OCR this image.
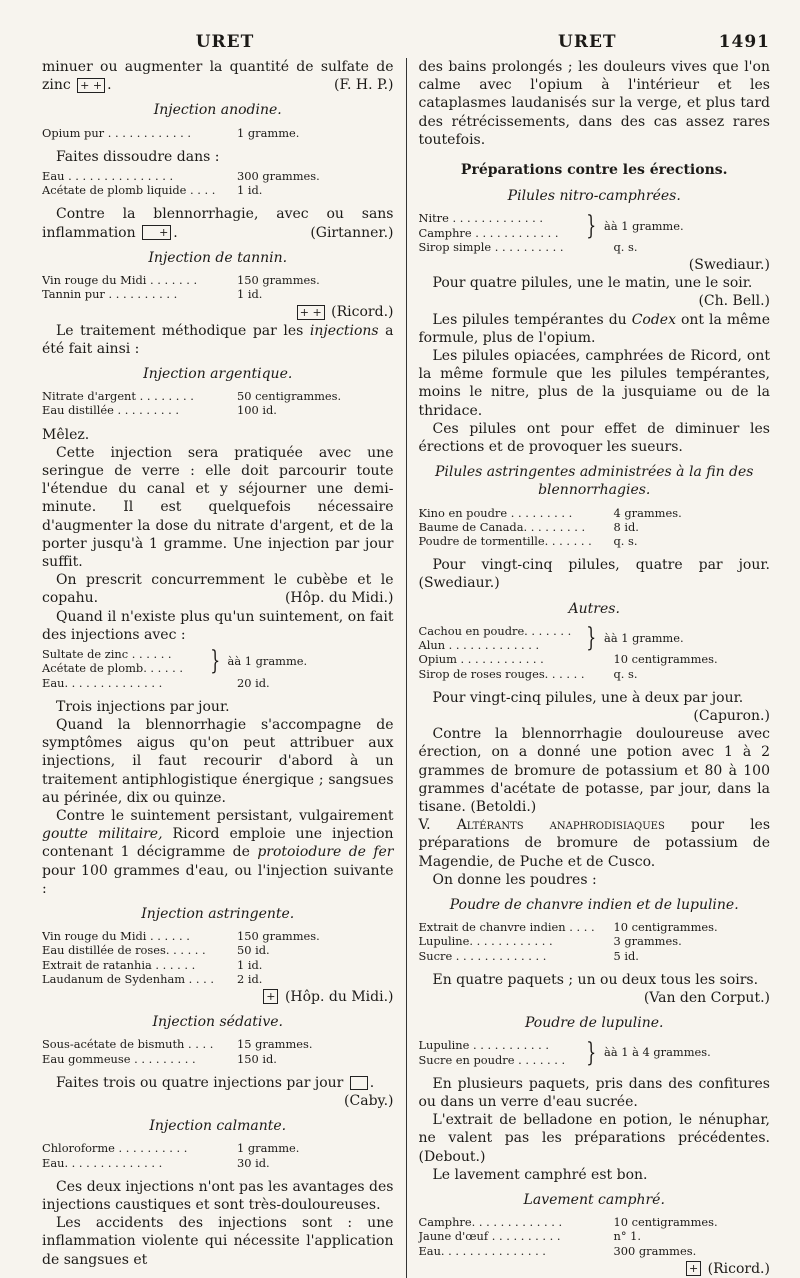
URET	URET	1491

minuer ou augmenter la quantité de sulfate de zinc + + .	(F. H. P.)

Injection anodine.

Opium pur . . . . . . . . . . . .	1 gramme.

Faites dissoudre dans :

Eau . . . . . . . . . . . . . . .	300 grammes.
Acétate de plomb liquide . . . .	1 id.

Contre la blennorrhagie, avec ou sans inflammation + .	(Girtanner.)

Injection de tannin.

Vin rouge du Midi . . . . . . .	150 grammes.
Tannin pur . . . . . . . . . .	1 id.

+ + (Ricord.)

Le traitement méthodique par les injections a été fait ainsi :

Injection argentique.

Nitrate d'argent . . . . . . . .	50 centigrammes.
Eau distillée . . . . . . . . .	100 id.

Mêlez.

Cette injection sera pratiquée avec une seringue de verre : elle doit parcourir toute l'étendue du canal et y séjourner une demi-minute. Il est quelquefois nécessaire d'augmenter la dose du nitrate d'argent, et de la porter jusqu'à 1 gramme. Une injection par jour suffit.

On prescrit concurremment le cubèbe et le copahu.	(Hôp. du Midi.)

Quand il n'existe plus qu'un suintement, on fait des injections avec :

Sultate de zinc . . . . . .
Acétate de plomb. . . . . .	} àà 1 gramme.
Eau. . . . . . . . . . . . . .	20 id.

Trois injections par jour.

Quand la blennorrhagie s'accompagne de symptômes aigus qu'on peut attribuer aux injections, il faut recourir d'abord à un traitement antiphlogistique énergique ; sangsues au périnée, dix ou quinze.

Contre le suintement persistant, vulgairement goutte militaire, Ricord emploie une injection contenant 1 décigramme de protoiodure de fer pour 100 grammes d'eau, ou l'injection suivante :

Injection astringente.

Vin rouge du Midi . . . . . .	150 grammes.
Eau distillée de roses. . . . . .	50 id.
Extrait de ratanhia . . . . . .	1 id.
Laudanum de Sydenham . . . .	2 id.

+ (Hôp. du Midi.)

Injection sédative.

Sous-acétate de bismuth . . . .	15 grammes.
Eau gommeuse . . . . . . . . .	150 id.

Faites trois ou quatre injections par jour .

(Caby.)

Injection calmante.

Chloroforme . . . . . . . . . .	1 gramme.
Eau. . . . . . . . . . . . . .	30 id.

Ces deux injections n'ont pas les avantages des injections caustiques et sont très-douloureuses.

Les accidents des injections sont : une inflammation violente qui nécessite l'application de sangsues et

des bains prolongés ; les douleurs vives que l'on calme avec l'opium à l'intérieur et les cataplasmes laudanisés sur la verge, et plus tard des rétrécissements, dans des cas assez rares toutefois.

Préparations contre les érections.

Pilules nitro-camphrées.

Nitre . . . . . . . . . . . . .
Camphre . . . . . . . . . . . .	} àà 1 gramme.
Sirop simple . . . . . . . . . .	q. s.

(Swediaur.)

Pour quatre pilules, une le matin, une le soir.

(Ch. Bell.)

Les pilules tempérantes du Codex ont la même formule, plus de l'opium.

Les pilules opiacées, camphrées de Ricord, ont la même formule que les pilules tempérantes, moins le nitre, plus de la jusquiame ou de la thridace.

Ces pilules ont pour effet de diminuer les érections et de provoquer les sueurs.

Pilules astringentes administrées à la fin des blennorrhagies.

Kino en poudre . . . . . . . . .	4 grammes.
Baume de Canada. . . . . . . . .	8 id.
Poudre de tormentille. . . . . . .	q. s.

Pour vingt-cinq pilules, quatre par jour. (Swediaur.)

Autres.

Cachou en poudre. . . . . . .
Alun . . . . . . . . . . . . .	} àà 1 gramme.
Opium . . . . . . . . . . . .	10 centigrammes.
Sirop de roses rouges. . . . . .	q. s.

Pour vingt-cinq pilules, une à deux par jour.

(Capuron.)

Contre la blennorrhagie douloureuse avec érection, on a donné une potion avec 1 à 2 grammes de bromure de potassium et 80 à 100 grammes d'acétate de potasse, par jour, dans la tisane. (Betoldi.)

V. Altérants anaphrodisiaques pour les préparations de bromure de potassium de Magendie, de Puche et de Cusco.

On donne les poudres :

Poudre de chanvre indien et de lupuline.

Extrait de chanvre indien . . . .	10 centigrammes.
Lupuline. . . . . . . . . . . .	3 grammes.
Sucre . . . . . . . . . . . . .	5 id.

En quatre paquets ; un ou deux tous les soirs.

(Van den Corput.)

Poudre de lupuline.

Lupuline . . . . . . . . . . .
Sucre en poudre . . . . . . . } àà 1 à 4 grammes.

En plusieurs paquets, pris dans des confitures ou dans un verre d'eau sucrée.

L'extrait de belladone en potion, le nénuphar, ne valent pas les préparations précédentes. (Debout.)

Le lavement camphré est bon.

Lavement camphré.

Camphre. . . . . . . . . . . . .	10 centigrammes.
Jaune d'œuf . . . . . . . . . .	n° 1.
Eau. . . . . . . . . . . . . . .	300 grammes.

+ (Ricord.)
